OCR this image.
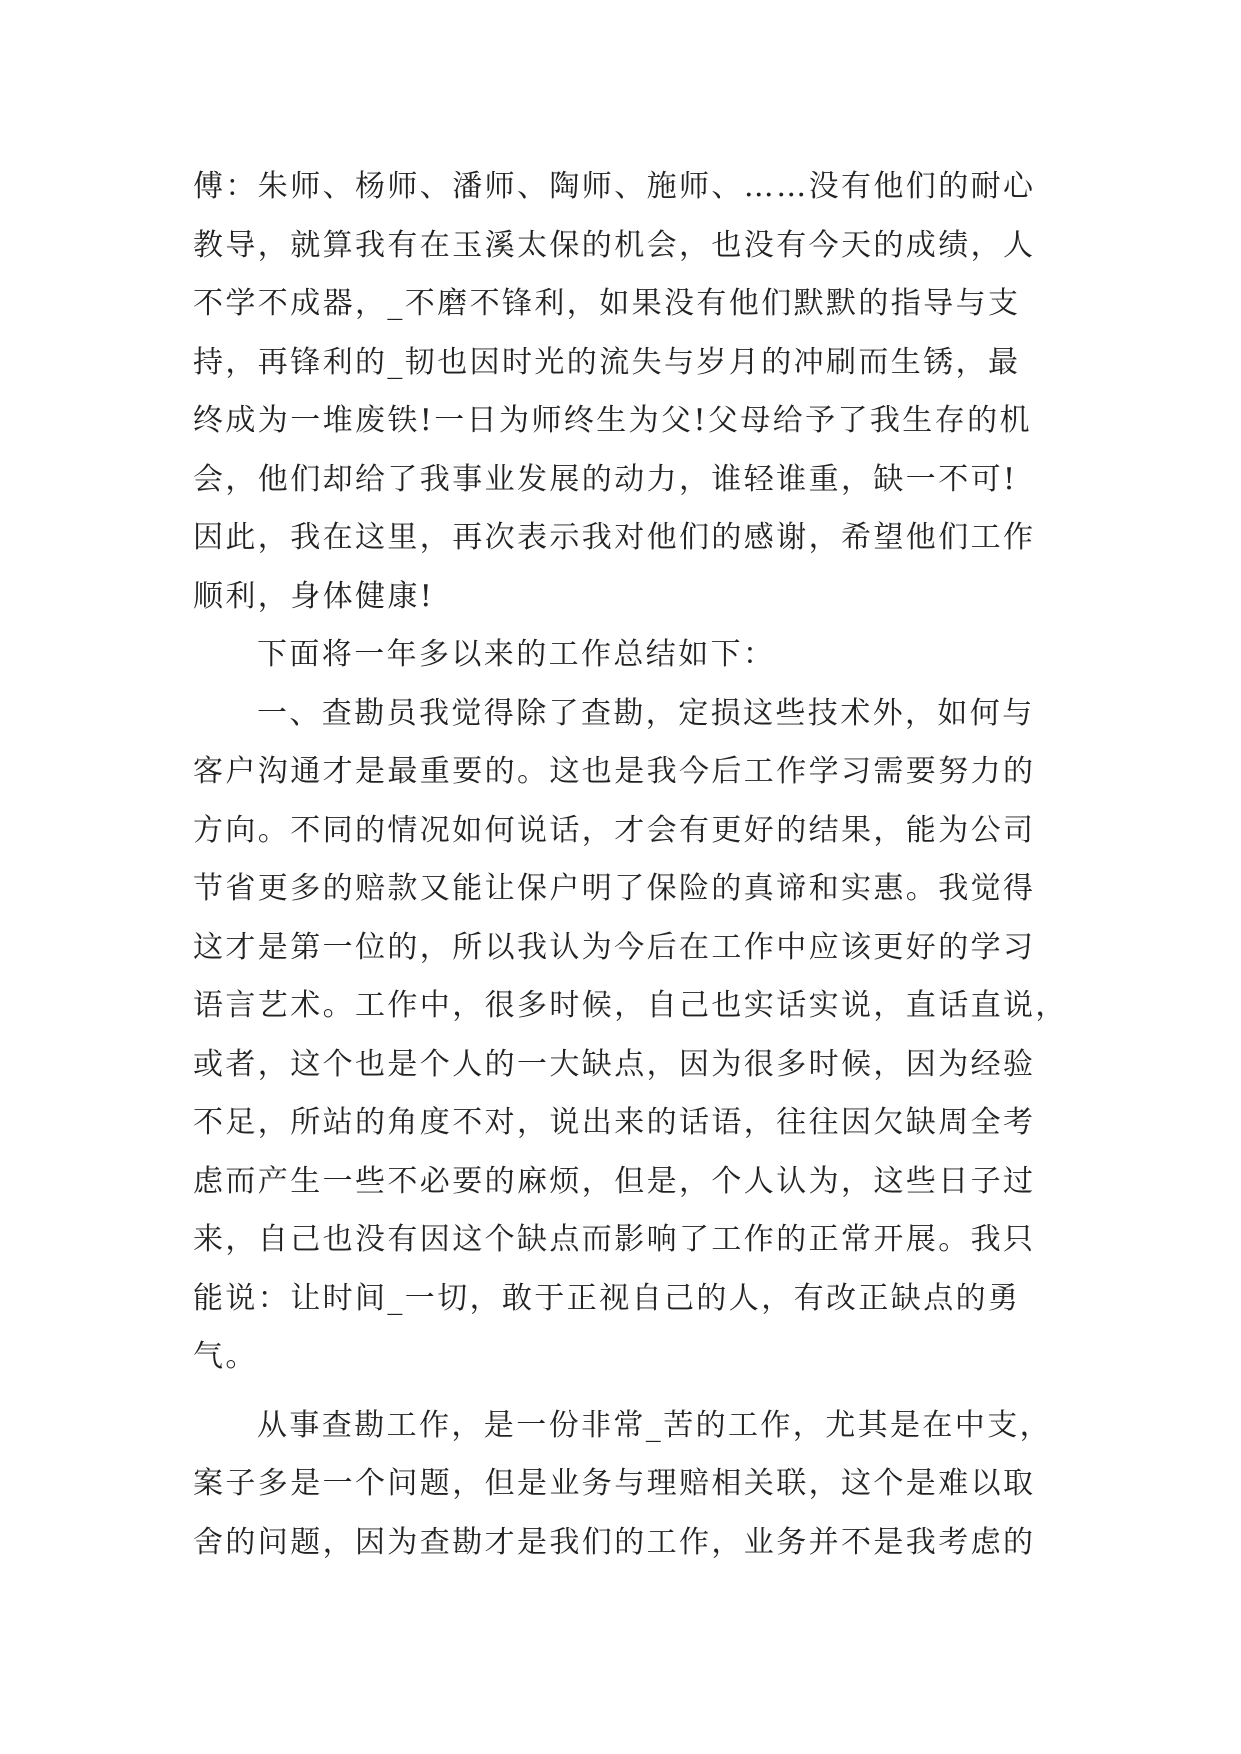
傅：朱师、杨师、潘师、陶师、施师、……没有他们的耐心
教导，就算我有在玉溪太保的机会，也没有今天的成绩，人
不学不成器，_不磨不锋利，如果没有他们默默的指导与支
持，再锋利的_韧也因时光的流失与岁月的冲刷而生锈，最
终成为一堆废铁!一日为师终生为父!父母给予了我生存的机
会，他们却给了我事业发展的动力，谁轻谁重，缺一不可!
因此，我在这里，再次表示我对他们的感谢，希望他们工作
顺利，身体健康!
下面将一年多以来的工作总结如下：
一、查勘员我觉得除了查勘，定损这些技术外，如何与
客户沟通才是最重要的。这也是我今后工作学习需要努力的
方向。不同的情况如何说话，才会有更好的结果，能为公司
节省更多的赔款又能让保户明了保险的真谛和实惠。我觉得
这才是第一位的，所以我认为今后在工作中应该更好的学习
语言艺术。工作中，很多时候，自己也实话实说，直话直说，
或者，这个也是个人的一大缺点，因为很多时候，因为经验
不足，所站的角度不对，说出来的话语，往往因欠缺周全考
虑而产生一些不必要的麻烦，但是，个人认为，这些日子过
来，自己也没有因这个缺点而影响了工作的正常开展。我只
能说：让时间_一切，敢于正视自己的人，有改正缺点的勇
气。
从事查勘工作，是一份非常_苦的工作，尤其是在中支，
案子多是一个问题，但是业务与理赔相关联，这个是难以取
舍的问题，因为查勘才是我们的工作，业务并不是我考虑的
